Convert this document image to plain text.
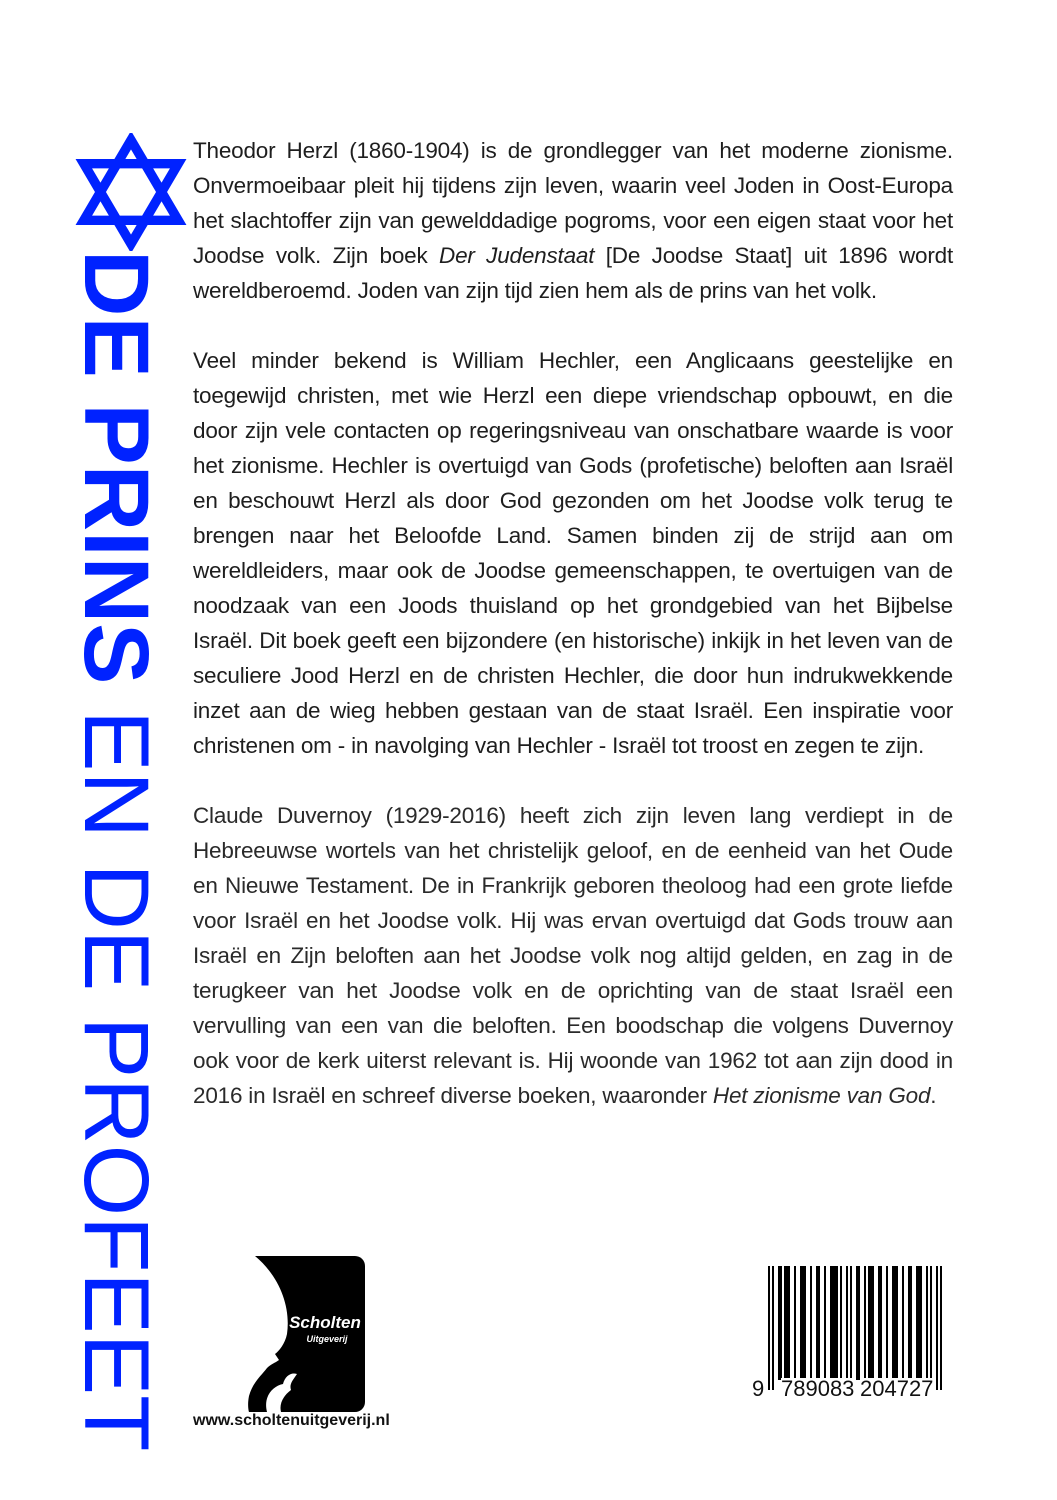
DE PRINS EN DE PROFEET

Theodor Herzl (1860-1904) is de grondlegger van het moderne zionisme. Onvermoeibaar pleit hij tijdens zijn leven, waarin veel Joden in Oost-Europa het slachtoffer zijn van gewelddadige pogroms, voor een eigen staat voor het Joodse volk. Zijn boek Der Judenstaat [De Joodse Staat] uit 1896 wordt wereldberoemd. Joden van zijn tijd zien hem als de prins van het volk.

Veel minder bekend is William Hechler, een Anglicaans geestelijke en toegewijd christen, met wie Herzl een diepe vriendschap opbouwt, en die door zijn vele contacten op regeringsniveau van onschatbare waarde is voor het zionisme. Hechler is overtuigd van Gods (profetische) beloften aan Israël en beschouwt Herzl als door God gezonden om het Joodse volk terug te brengen naar het Beloofde Land. Samen binden zij de strijd aan om wereldleiders, maar ook de Joodse gemeenschappen, te overtuigen van de noodzaak van een Joods thuisland op het grondgebied van het Bijbelse Israël. Dit boek geeft een bijzondere (en historische) inkijk in het leven van de seculiere Jood Herzl en de christen Hechler, die door hun indrukwekkende inzet aan de wieg hebben gestaan van de staat Israël. Een inspiratie voor christenen om - in navolging van Hechler - Israël tot troost en zegen te zijn.

Claude Duvernoy (1929-2016) heeft zich zijn leven lang verdiept in de Hebreeuwse wortels van het christelijk geloof, en de eenheid van het Oude en Nieuwe Testament. De in Frankrijk geboren theoloog had een grote liefde voor Israël en het Joodse volk. Hij was ervan overtuigd dat Gods trouw aan Israël en Zijn beloften aan het Joodse volk nog altijd gelden, en zag in de terugkeer van het Joodse volk en de oprichting van de staat Israël een vervulling van een van die beloften. Een boodschap die volgens Duvernoy ook voor de kerk uiterst relevant is. Hij woonde van 1962 tot aan zijn dood in 2016 in Israël en schreef diverse boeken, waaronder Het zionisme van God.

Scholten
Uitgeverij
www.scholtenuitgeverij.nl
9 789083 204727
